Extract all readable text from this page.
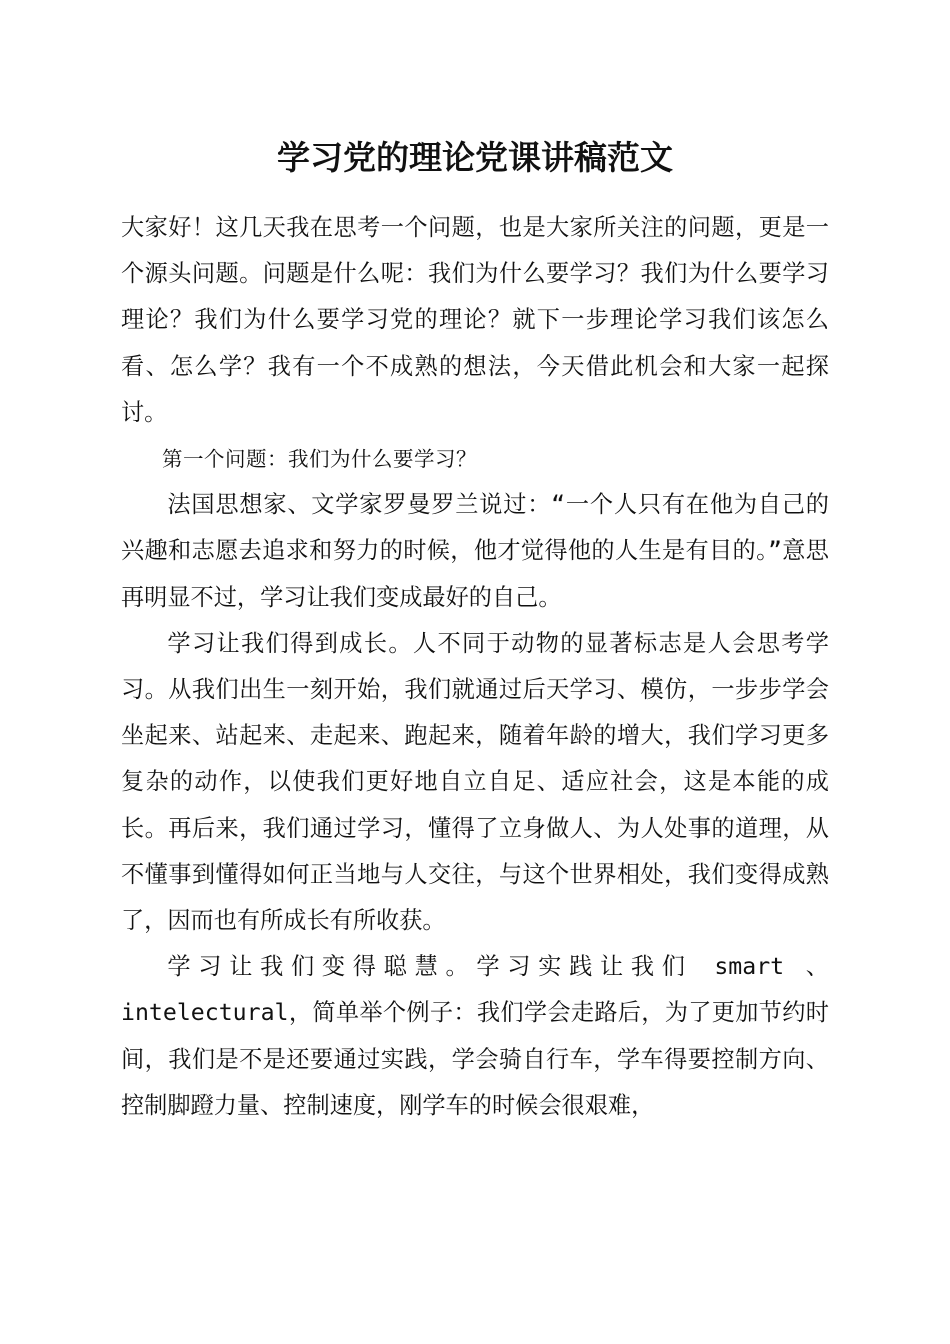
学习党的理论党课讲稿范文

大家好！这几天我在思考一个问题，也是大家所关注的问题，更是一个源头问题。问题是什么呢：我们为什么要学习？我们为什么要学习理论？我们为什么要学习党的理论？就下一步理论学习我们该怎么看、怎么学？我有一个不成熟的想法，今天借此机会和大家一起探讨。

第一个问题：我们为什么要学习？

法国思想家、文学家罗曼罗兰说过：“一个人只有在他为自己的兴趣和志愿去追求和努力的时候，他才觉得他的人生是有目的。”意思再明显不过，学习让我们变成最好的自己。

学习让我们得到成长。人不同于动物的显著标志是人会思考学习。从我们出生一刻开始，我们就通过后天学习、模仿，一步步学会坐起来、站起来、走起来、跑起来，随着年龄的增大，我们学习更多复杂的动作，以使我们更好地自立自足、适应社会，这是本能的成长。再后来，我们通过学习，懂得了立身做人、为人处事的道理，从不懂事到懂得如何正当地与人交往，与这个世界相处，我们变得成熟了，因而也有所成长有所收获。

学习让我们变得聪慧。学习实践让我们 smart 、intelectural，简单举个例子：我们学会走路后，为了更加节约时间，我们是不是还要通过实践，学会骑自行车，学车得要控制方向、控制脚蹬力量、控制速度，刚学车的时候会很艰难，
